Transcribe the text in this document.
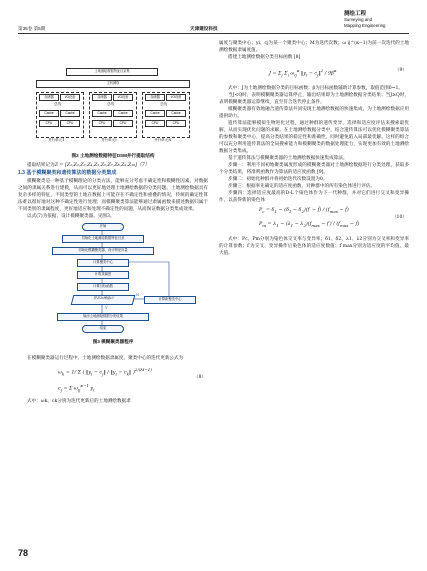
第35卷 第5期	天津建设科技
测绘工程
Surveying and
Mapping Engineering
土地测绘数据特征目录集
主机网络
存储器	I/O设备	存储器	I/O设备	存储器	I/O设备
总线	总线	总线
Cache	Cache	Cache	Cache	Cache	Cache
CPU	CPU	CPU	CPU	CPU	CPU
并行单元1	并行单元i	并行单元N
图2 土地测绘数据特征DSM并行提取结构

提取结果记为Z = [Z₁,Z₂,Z₃,Z₄,Z₅,Z₆,Z₇,Z₈,Z₉,Z₁₀]（7）

1.3 基于模糊聚类和遗传算法的数据分类集成

模糊聚类是一种基于模糊理论的分类方法，能够充分考虑不确定性和模糊性因素，对数据之间的隶属关系进行建模，从而可以更好地处理土地测绘数据的分类问题。土地测绘数据具有复杂多样的特征，不同类型的土地在数据上可能存在不确定性和重叠的情况，传统的确定性算法难以很好地对这种不确定性进行处理；而模糊聚类算法能够通过隶属函数来描述数据归属于不同类别的隶属程度，更好地适应和处理不确定性的问题，从而保证数据分类集成效果。

以式(7)为依据，设计模糊聚类器。见图3。

开始
初始化土地测绘数据特征目录
初始化模糊聚类器，设计特征向量
计算聚类中心
计算隶属度
计算目标函数
是否J<阈值ε?	计算新聚类中心
N
Y
输出土地测绘数据分类结果
结束
图3 模糊聚类器程序

在模糊聚类器运行过程中，土地测绘数据隶属度、聚类中心的迭代更新公式为

$\omega_k = 1/$ Σ ( $‖y_i$ − $c_j‖$ / $‖y_i$ − $c_k‖$ )$^{2/(M-1)}$
$c_j = \Sigma$ $\omega_{ij}^{\kappa-1}$ $y_i$
（8）

式中：ωk、ck分别为迭代更新后的土地测绘数据隶

属度与聚类中心；yi、cj为某一个聚类中心；M为迭代次数；ω ij^(κ−1)为前一次迭代的土地测绘数据隶属度值。

搭建土地测绘数据分类目标函数 [8]

$J = \Sigma_j$ $\Sigma_i$ $\omega_{ij}^\kappa$ $‖y_i$ − $c_j‖^2 / 9\beta^\kappa$	（9）

式中：J为土地测绘数据分类的目标函数；β为目标函数辅助计算参数，取值范围0~1。

当J<Q时，表明模糊聚类器运算停止，输出结果即为土地测绘数据分类结果；当J≥Q时，表明模糊聚类器运算继续，直至符合迭代停止条件。

模糊聚类器有效地融合遗传算法共同实现土地测绘数据的快速集成，为土地测绘数据应用提供助力。

遗传算法能够模拟生物进化过程，通过种群的遗传变异，选择和适应度评估来搜索最优解，从而实现优化问题的求解。在土地测绘数据分类中，结合遗传算法可以优化模糊聚类算法的参数和聚类中心，提高分类结果的稳定性和准确性，同时避免陷入局部最优解。这样的组合可以充分利用遗传算法的全局搜索能力和模糊聚类的数据处理能力，实现更加有效的土地测绘数据分类集成。

基于遗传算法与模糊聚类器的土地测绘数据快速集成算法。

步骤一：利用不同初始聚类属度形成的模糊聚类器对土地测绘数据进行分类处理，获取多个分类结果，将准则函数作为算法的适应度函数 [9]。

步骤二：初始化种群并将初始迭代次数设置为0。

步骤三：根据率先确定的适应度函数，对种群中的所有染色体进行评估。

步骤四：选择适应度最高的D-L个染色体作为下一代种群，并对它们进行交叉和变异操作，以获得新的染色体

$P_c = \delta_1 - (\delta_1 - \delta_2)(f'$ − f̄) / ($f_{max}$ − f̄)
$P_m = \lambda_1 - (\lambda_1 - \lambda_2)(f_{max} - f') / (f_{max}$ − f̄)
（10）

式中：Pc、Pm分别为染色体交叉率与变异率；δ1、δ2、λ1、λ2分别为交叉率和变异率的计算参数；f′为交叉、变异操作后染色体的适应度数值；f ̄max分别为适应度的平均值、最大值。

78
